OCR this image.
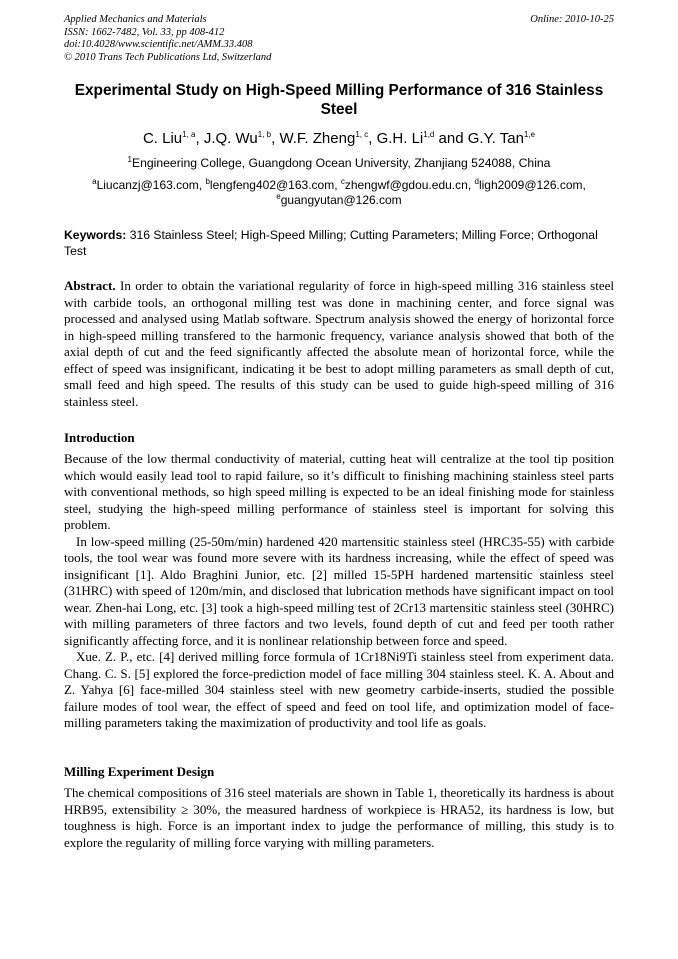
Applied Mechanics and Materials
ISSN: 1662-7482, Vol. 33, pp 408-412
doi:10.4028/www.scientific.net/AMM.33.408
© 2010 Trans Tech Publications Ltd, Switzerland
Online: 2010-10-25
Experimental Study on High-Speed Milling Performance of 316 Stainless Steel
C. Liu$^{1, a}$, J.Q. Wu$^{1, b}$, W.F. Zheng$^{1, c}$, G.H. Li$^{1,d}$ and G.Y. Tan$^{1,e}$
$^1$Engineering College, Guangdong Ocean University, Zhanjiang 524088, China
$^a$Liucanzj@163.com, $^b$lengfeng402@163.com, $^c$zhengwf@gdou.edu.cn, $^d$ligh2009@126.com,
$^e$guangyutan@126.com
Keywords: 316 Stainless Steel; High-Speed Milling; Cutting Parameters; Milling Force; Orthogonal Test
Abstract. In order to obtain the variational regularity of force in high-speed milling 316 stainless steel with carbide tools, an orthogonal milling test was done in machining center, and force signal was processed and analysed using Matlab software. Spectrum analysis showed the energy of horizontal force in high-speed milling transfered to the harmonic frequency, variance analysis showed that both of the axial depth of cut and the feed significantly affected the absolute mean of horizontal force, while the effect of speed was insignificant, indicating it be best to adopt milling parameters as small depth of cut, small feed and high speed. The results of this study can be used to guide high-speed milling of 316 stainless steel.
Introduction
Because of the low thermal conductivity of material, cutting heat will centralize at the tool tip position which would easily lead tool to rapid failure, so it’s difficult to finishing machining stainless steel parts with conventional methods, so high speed milling is expected to be an ideal finishing mode for stainless steel, studying the high-speed milling performance of stainless steel is important for solving this problem.
In low-speed milling (25-50m/min) hardened 420 martensitic stainless steel (HRC35-55) with carbide tools, the tool wear was found more severe with its hardness increasing, while the effect of speed was insignificant [1]. Aldo Braghini Junior, etc. [2] milled 15-5PH hardened martensitic stainless steel (31HRC) with speed of 120m/min, and disclosed that lubrication methods have significant impact on tool wear. Zhen-hai Long, etc. [3] took a high-speed milling test of 2Cr13 martensitic stainless steel (30HRC) with milling parameters of three factors and two levels, found depth of cut and feed per tooth rather significantly affecting force, and it is nonlinear relationship between force and speed.
Xue. Z. P., etc. [4] derived milling force formula of 1Cr18Ni9Ti stainless steel from experiment data. Chang. C. S. [5] explored the force-prediction model of face milling 304 stainless steel. K. A. About and Z. Yahya [6] face-milled 304 stainless steel with new geometry carbide-inserts, studied the possible failure modes of tool wear, the effect of speed and feed on tool life, and optimization model of face-milling parameters taking the maximization of productivity and tool life as goals.
Milling Experiment Design
The chemical compositions of 316 steel materials are shown in Table 1, theoretically its hardness is about HRB95, extensibility ≥ 30%, the measured hardness of workpiece is HRA52, its hardness is low, but toughness is high. Force is an important index to judge the performance of milling, this study is to explore the regularity of milling force varying with milling parameters.
